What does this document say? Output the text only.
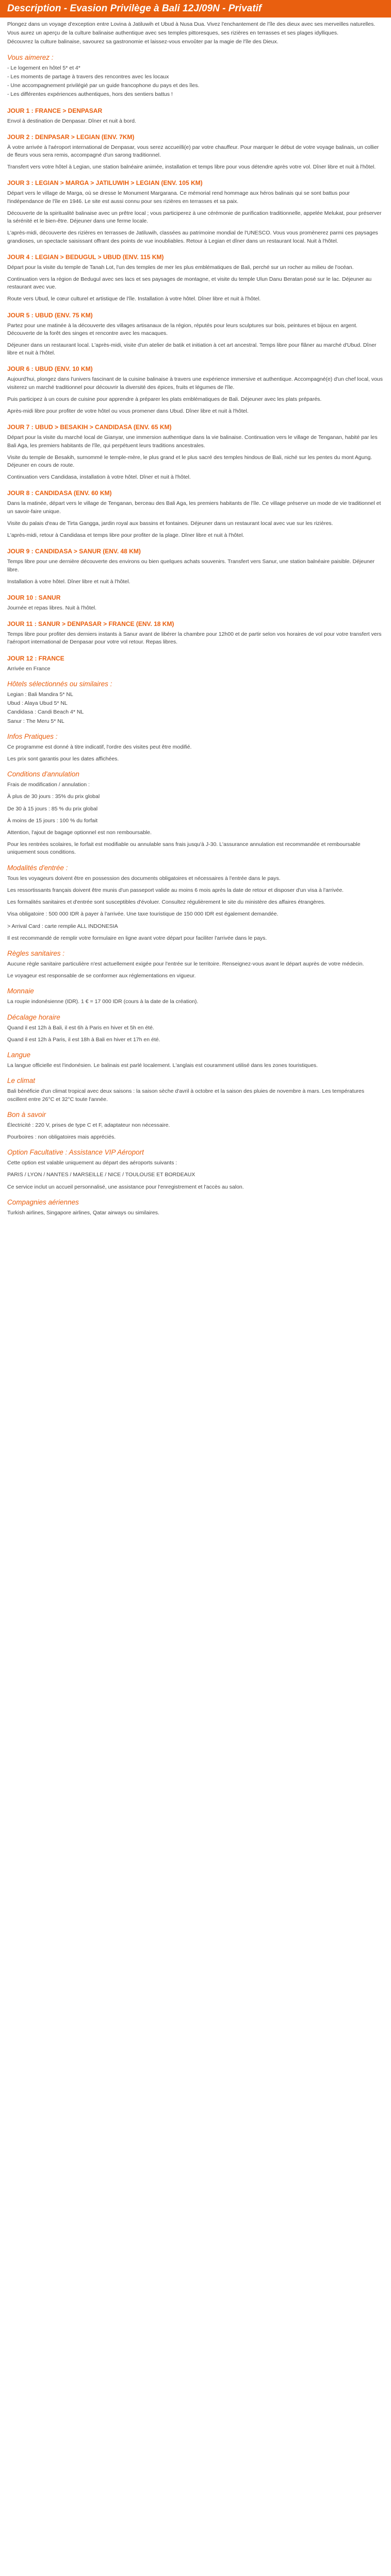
Description - Evasion Privilège à Bali 12J/09N - Privatif

Plongez dans un voyage d'exception entre Lovina à Jatiluwih et Ubud à Nusa Dua. Vivez l'enchantement de l'île des dieux avec ses merveilles naturelles.

Vous aurez un aperçu de la culture balinaise authentique avec ses temples pittoresques, ses rizières en terrasses et ses plages idylliques.

Découvrez la culture balinaise, savourez sa gastronomie et laissez-vous envoûter par la magie de l'île des Dieux.

Vous aimerez :

- Le logement en hôtel 5* et 4*

- Les moments de partage à travers des rencontres avec les locaux

- Une accompagnement privilégié par un guide francophone du pays et des îles.

- Les différentes expériences authentiques, hors des sentiers battus !

JOUR 1 : FRANCE > DENPASAR

Envol à destination de Denpasar. Dîner et nuit à bord.

JOUR 2 : DENPASAR > LEGIAN (ENV. 7KM)

À votre arrivée à l'aéroport international de Denpasar, vous serez accueilli(e) par votre chauffeur. Pour marquer le début de votre voyage balinais, un collier de fleurs vous sera remis, accompagné d'un sarong traditionnel.

Transfert vers votre hôtel à Legian, une station balnéaire animée, installation et temps libre pour vous détendre après votre vol. Dîner libre et nuit à l'hôtel.

JOUR 3 : LEGIAN > MARGA > JATILUWIH > LEGIAN (ENV. 105 KM)

Départ vers le village de Marga, où se dresse le Monument Margarana. Ce mémorial rend hommage aux héros balinais qui se sont battus pour l'indépendance de l'île en 1946. Le site est aussi connu pour ses rizières en terrasses et sa paix.

Découverte de la spiritualité balinaise avec un prêtre local ; vous participerez à une cérémonie de purification traditionnelle, appelée Melukat, pour préserver la sérénité et le bien-être. Déjeuner dans une ferme locale.

L'après-midi, découverte des rizières en terrasses de Jatiluwih, classées au patrimoine mondial de l'UNESCO. Vous vous promènerez parmi ces paysages grandioses, un spectacle saisissant offrant des points de vue inoubliables. Retour à Legian et dîner dans un restaurant local. Nuit à l'hôtel.

JOUR 4 : LEGIAN > BEDUGUL > UBUD (ENV. 115 KM)

Départ pour la visite du temple de Tanah Lot, l'un des temples de mer les plus emblématiques de Bali, perché sur un rocher au milieu de l'océan.

Continuation vers la région de Bedugul avec ses lacs et ses paysages de montagne, et visite du temple Ulun Danu Beratan posé sur le lac. Déjeuner au restaurant avec vue.

Route vers Ubud, le cœur culturel et artistique de l'île. Installation à votre hôtel. Dîner libre et nuit à l'hôtel.

JOUR 5 : UBUD (ENV. 75 KM)

Partez pour une matinée à la découverte des villages artisanaux de la région, réputés pour leurs sculptures sur bois, peintures et bijoux en argent. Découverte de la forêt des singes et rencontre avec les macaques.

Déjeuner dans un restaurant local. L'après-midi, visite d'un atelier de batik et initiation à cet art ancestral. Temps libre pour flâner au marché d'Ubud. Dîner libre et nuit à l'hôtel.

JOUR 6 : UBUD (ENV. 10 KM)

Aujourd'hui, plongez dans l'univers fascinant de la cuisine balinaise à travers une expérience immersive et authentique. Accompagné(e) d'un chef local, vous visiterez un marché traditionnel pour découvrir la diversité des épices, fruits et légumes de l'île.

Puis participez à un cours de cuisine pour apprendre à préparer les plats emblématiques de Bali. Déjeuner avec les plats préparés.

Après-midi libre pour profiter de votre hôtel ou vous promener dans Ubud. Dîner libre et nuit à l'hôtel.

JOUR 7 : UBUD > BESAKIH > CANDIDASA (ENV. 65 KM)

Départ pour la visite du marché local de Gianyar, une immersion authentique dans la vie balinaise. Continuation vers le village de Tenganan, habité par les Bali Aga, les premiers habitants de l'île, qui perpétuent leurs traditions ancestrales.

Visite du temple de Besakih, surnommé le temple-mère, le plus grand et le plus sacré des temples hindous de Bali, niché sur les pentes du mont Agung. Déjeuner en cours de route.

Continuation vers Candidasa, installation à votre hôtel. Dîner et nuit à l'hôtel.

JOUR 8 : CANDIDASA (ENV. 60 KM)

Dans la matinée, départ vers le village de Tenganan, berceau des Bali Aga, les premiers habitants de l'île. Ce village préserve un mode de vie traditionnel et un savoir-faire unique.

Visite du palais d'eau de Tirta Gangga, jardin royal aux bassins et fontaines. Déjeuner dans un restaurant local avec vue sur les rizières.

L'après-midi, retour à Candidasa et temps libre pour profiter de la plage. Dîner libre et nuit à l'hôtel.

JOUR 9 : CANDIDASA > SANUR (ENV. 48 KM)

Temps libre pour une dernière découverte des environs ou bien quelques achats souvenirs. Transfert vers Sanur, une station balnéaire paisible. Déjeuner libre.

Installation à votre hôtel. Dîner libre et nuit à l'hôtel.

JOUR 10 : SANUR

Journée et repas libres. Nuit à l'hôtel.

JOUR 11 : SANUR > DENPASAR > FRANCE (ENV. 18 KM)

Temps libre pour profiter des derniers instants à Sanur avant de libérer la chambre pour 12h00 et de partir selon vos horaires de vol pour votre transfert vers l'aéroport international de Denpasar pour votre vol retour. Repas libres.

JOUR 12 : FRANCE

Arrivée en France

Hôtels sélectionnés ou similaires :

Legian : Bali Mandira 5* NL

Ubud : Alaya Ubud 5* NL

Candidasa : Candi Beach 4* NL

Sanur : The Meru 5* NL

Infos Pratiques :

Ce programme est donné à titre indicatif, l'ordre des visites peut être modifié.

Les prix sont garantis pour les dates affichées.

Conditions d'annulation

Frais de modification / annulation :

À plus de 30 jours : 35% du prix global

De 30 à 15 jours : 85 % du prix global

À moins de 15 jours : 100 % du forfait

Attention, l'ajout de bagage optionnel est non remboursable.

Pour les rentrées scolaires, le forfait est modifiable ou annulable sans frais jusqu'à J-30. L'assurance annulation est recommandée et remboursable uniquement sous conditions.

Modalités d'entrée :

Tous les voyageurs doivent être en possession des documents obligatoires et nécessaires à l'entrée dans le pays.

Les ressortissants français doivent être munis d'un passeport valide au moins 6 mois après la date de retour et disposer d'un visa à l'arrivée.

Les formalités sanitaires et d'entrée sont susceptibles d'évoluer. Consultez régulièrement le site du ministère des affaires étrangères.

Visa obligatoire : 500 000 IDR à payer à l'arrivée. Une taxe touristique de 150 000 IDR est également demandée.

> Arrival Card : carte remplie ALL INDONESIA

Il est recommandé de remplir votre formulaire en ligne avant votre départ pour faciliter l'arrivée dans le pays.

Règles sanitaires :

Aucune règle sanitaire particulière n'est actuellement exigée pour l'entrée sur le territoire. Renseignez-vous avant le départ auprès de votre médecin.

Le voyageur est responsable de se conformer aux réglementations en vigueur.

Monnaie

La roupie indonésienne (IDR). 1 € = 17 000 IDR (cours à la date de la création).

Décalage horaire

Quand il est 12h à Bali, il est 6h à Paris en hiver et 5h en été.

Quand il est 12h à Paris, il est 18h à Bali en hiver et 17h en été.

Langue

La langue officielle est l'indonésien. Le balinais est parlé localement. L'anglais est couramment utilisé dans les zones touristiques.

Le climat

Bali bénéficie d'un climat tropical avec deux saisons : la saison sèche d'avril à octobre et la saison des pluies de novembre à mars. Les températures oscillent entre 26°C et 32°C toute l'année.

Bon à savoir

Électricité : 220 V, prises de type C et F, adaptateur non nécessaire.

Pourboires : non obligatoires mais appréciés.

Option Facultative : Assistance VIP Aéroport

Cette option est valable uniquement au départ des aéroports suivants :

PARIS / LYON / NANTES / MARSEILLE / NICE / TOULOUSE ET BORDEAUX

Ce service inclut un accueil personnalisé, une assistance pour l'enregistrement et l'accès au salon.

Compagnies aériennes

Turkish airlines, Singapore airlines, Qatar airways ou similaires.
